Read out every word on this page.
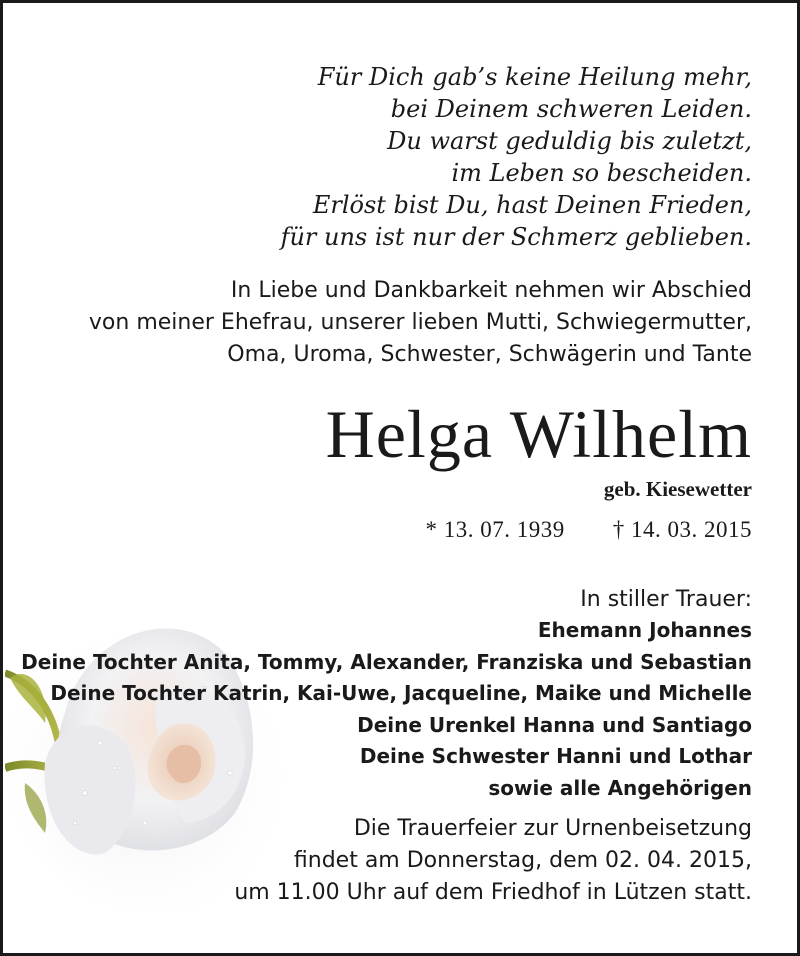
Für Dich gab’s keine Heilung mehr,
bei Deinem schweren Leiden.
Du warst geduldig bis zuletzt,
im Leben so bescheiden.
Erlöst bist Du, hast Deinen Frieden,
für uns ist nur der Schmerz geblieben.
In Liebe und Dankbarkeit nehmen wir Abschied
von meiner Ehefrau, unserer lieben Mutti, Schwiegermutter,
Oma, Uroma, Schwester, Schwägerin und Tante
Helga Wilhelm
geb. Kiesewetter
* 13. 07. 1939 † 14. 03. 2015
In stiller Trauer:
Ehemann Johannes
Deine Tochter Anita, Tommy, Alexander, Franziska und Sebastian
Deine Tochter Katrin, Kai-Uwe, Jacqueline, Maike und Michelle
Deine Urenkel Hanna und Santiago
Deine Schwester Hanni und Lothar
sowie alle Angehörigen
Die Trauerfeier zur Urnenbeisetzung
findet am Donnerstag, dem 02. 04. 2015,
um 11.00 Uhr auf dem Friedhof in Lützen statt.
